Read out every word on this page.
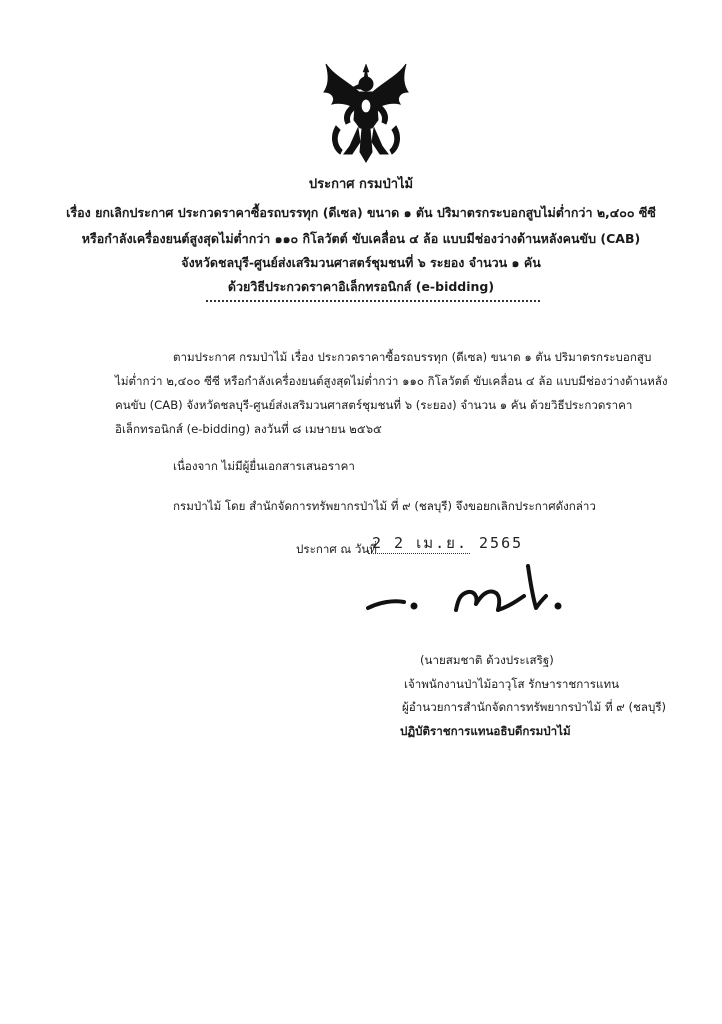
ประกาศ กรมป่าไม้
เรื่อง ยกเลิกประกาศ ประกวดราคาซื้อรถบรรทุก (ดีเซล) ขนาด ๑ ตัน ปริมาตรกระบอกสูบไม่ต่ำกว่า ๒,๔๐๐ ซีซี
หรือกำลังเครื่องยนต์สูงสุดไม่ต่ำกว่า ๑๑๐ กิโลวัตต์ ขับเคลื่อน ๔ ล้อ แบบมีช่องว่างด้านหลังคนขับ (CAB)
จังหวัดชลบุรี-ศูนย์ส่งเสริมวนศาสตร์ชุมชนที่ ๖ ระยอง จำนวน ๑ คัน
ด้วยวิธีประกวดราคาอิเล็กทรอนิกส์ (e-bidding)
ตามประกาศ กรมป่าไม้ เรื่อง ประกวดราคาซื้อรถบรรทุก (ดีเซล) ขนาด ๑ ตัน ปริมาตรกระบอกสูบ
ไม่ต่ำกว่า ๒,๔๐๐ ซีซี หรือกำลังเครื่องยนต์สูงสุดไม่ต่ำกว่า ๑๑๐ กิโลวัตต์ ขับเคลื่อน ๔ ล้อ แบบมีช่องว่างด้านหลัง
คนขับ (CAB) จังหวัดชลบุรี-ศูนย์ส่งเสริมวนศาสตร์ชุมชนที่ ๖ (ระยอง) จำนวน ๑ คัน ด้วยวิธีประกวดราคา
อิเล็กทรอนิกส์ (e-bidding) ลงวันที่ ๘ เมษายน ๒๕๖๕
เนื่องจาก ไม่มีผู้ยื่นเอกสารเสนอราคา
กรมป่าไม้ โดย สำนักจัดการทรัพยากรป่าไม้ ที่ ๙ (ชลบุรี) จึงขอยกเลิกประกาศดังกล่าว
ประกาศ ณ วันที่
2 2 เม.ย. 2565
(นายสมชาติ ด้วงประเสริฐ)
เจ้าพนักงานป่าไม้อาวุโส รักษาราชการแทน
ผู้อำนวยการสำนักจัดการทรัพยากรป่าไม้ ที่ ๙ (ชลบุรี)
ปฏิบัติราชการแทนอธิบดีกรมป่าไม้
